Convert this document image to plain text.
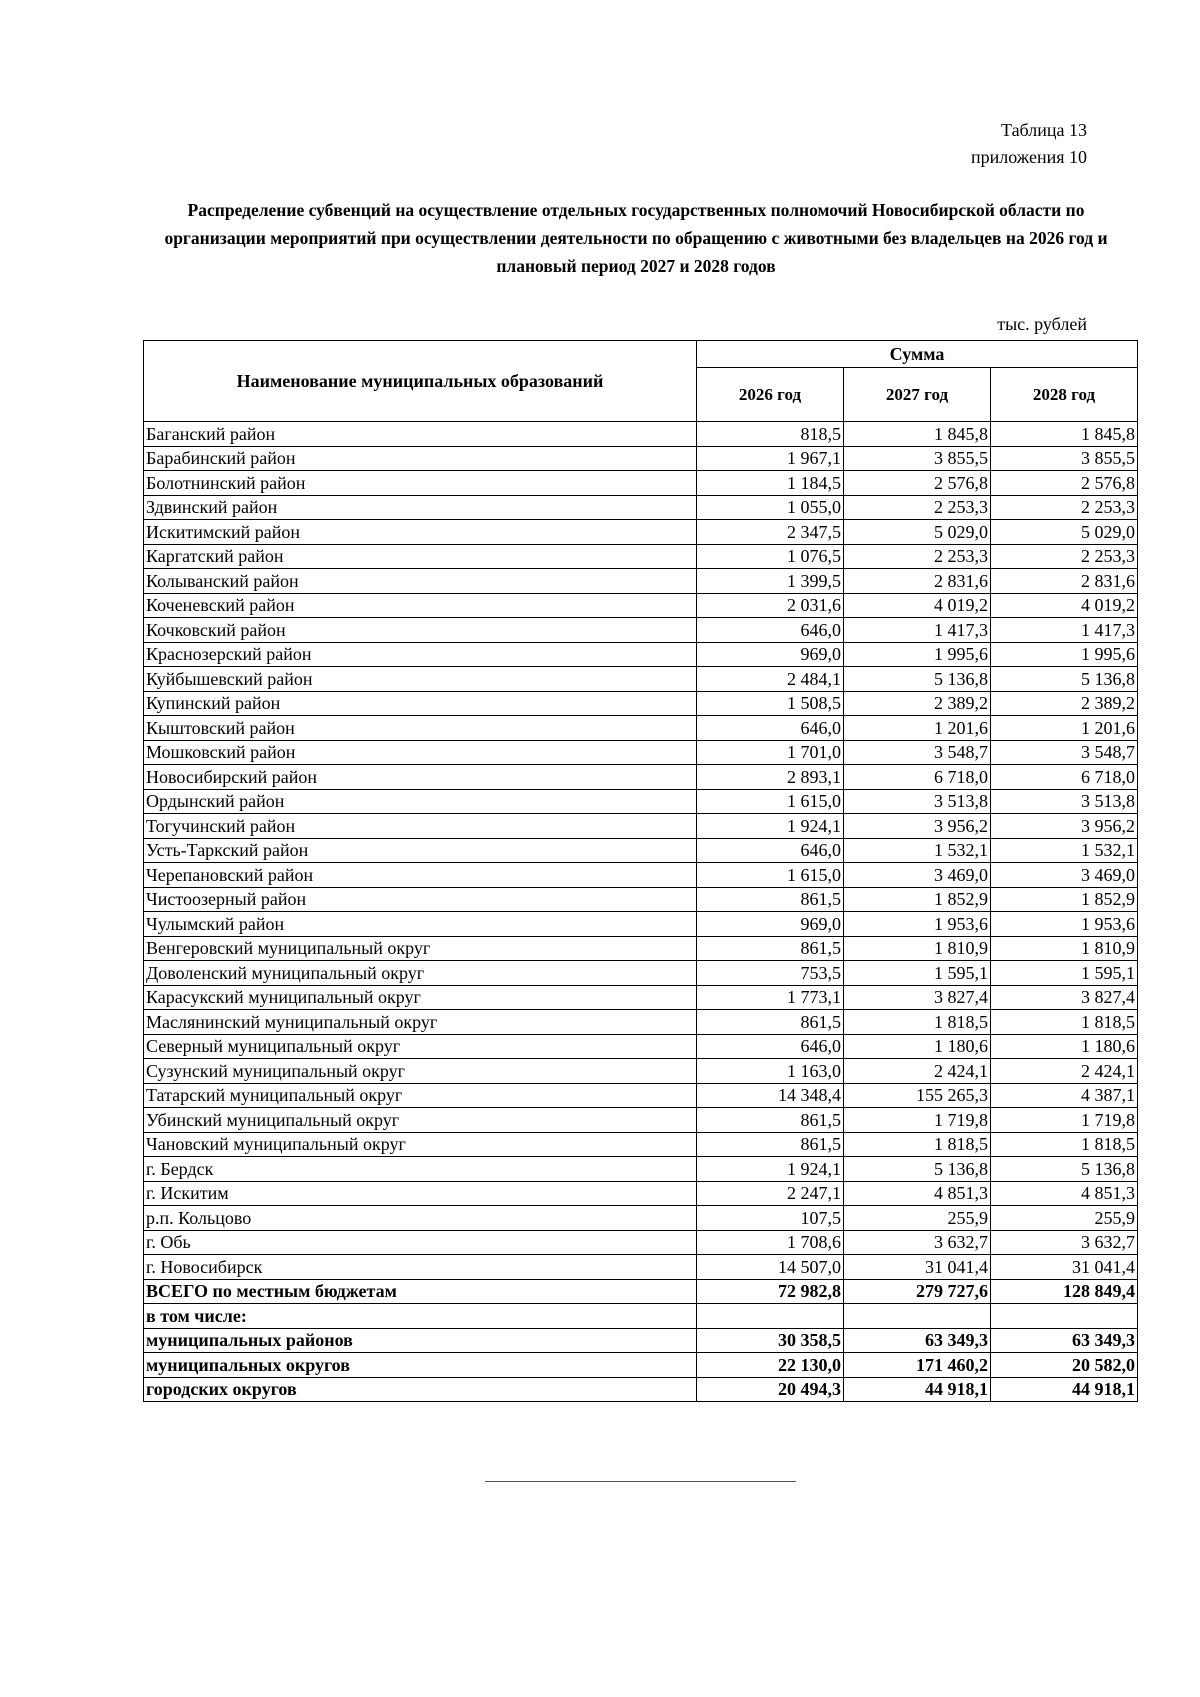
Таблица 13
приложения 10
Распределение субвенций на осуществление отдельных государственных полномочий Новосибирской области по организации мероприятий при осуществлении деятельности по обращению с животными без владельцев на 2026 год и плановый период 2027 и 2028 годов
тыс. рублей
Наименование муниципальных образований	Сумма		
	2026 год	2027 год	2028 год
Баганский район	818,5	1 845,8	1 845,8
Барабинский район	1 967,1	3 855,5	3 855,5
Болотнинский район	1 184,5	2 576,8	2 576,8
Здвинский район	1 055,0	2 253,3	2 253,3
Искитимский район	2 347,5	5 029,0	5 029,0
Каргатский район	1 076,5	2 253,3	2 253,3
Колыванский район	1 399,5	2 831,6	2 831,6
Коченевский район	2 031,6	4 019,2	4 019,2
Кочковский район	646,0	1 417,3	1 417,3
Краснозерский район	969,0	1 995,6	1 995,6
Куйбышевский район	2 484,1	5 136,8	5 136,8
Купинский район	1 508,5	2 389,2	2 389,2
Кыштовский район	646,0	1 201,6	1 201,6
Мошковский район	1 701,0	3 548,7	3 548,7
Новосибирский район	2 893,1	6 718,0	6 718,0
Ордынский район	1 615,0	3 513,8	3 513,8
Тогучинский район	1 924,1	3 956,2	3 956,2
Усть-Таркский район	646,0	1 532,1	1 532,1
Черепановский район	1 615,0	3 469,0	3 469,0
Чистоозерный район	861,5	1 852,9	1 852,9
Чулымский район	969,0	1 953,6	1 953,6
Венгеровский муниципальный округ	861,5	1 810,9	1 810,9
Доволенский муниципальный округ	753,5	1 595,1	1 595,1
Карасукский муниципальный округ	1 773,1	3 827,4	3 827,4
Маслянинский муниципальный округ	861,5	1 818,5	1 818,5
Северный муниципальный округ	646,0	1 180,6	1 180,6
Сузунский муниципальный округ	1 163,0	2 424,1	2 424,1
Татарский муниципальный округ	14 348,4	155 265,3	4 387,1
Убинский муниципальный округ	861,5	1 719,8	1 719,8
Чановский муниципальный округ	861,5	1 818,5	1 818,5
г. Бердск	1 924,1	5 136,8	5 136,8
г. Искитим	2 247,1	4 851,3	4 851,3
р.п. Кольцово	107,5	255,9	255,9
г. Обь	1 708,6	3 632,7	3 632,7
г. Новосибирск	14 507,0	31 041,4	31 041,4
ВСЕГО по местным бюджетам	72 982,8	279 727,6	128 849,4
в том числе:			
муниципальных районов	30 358,5	63 349,3	63 349,3
муниципальных округов	22 130,0	171 460,2	20 582,0
городских округов	20 494,3	44 918,1	44 918,1
